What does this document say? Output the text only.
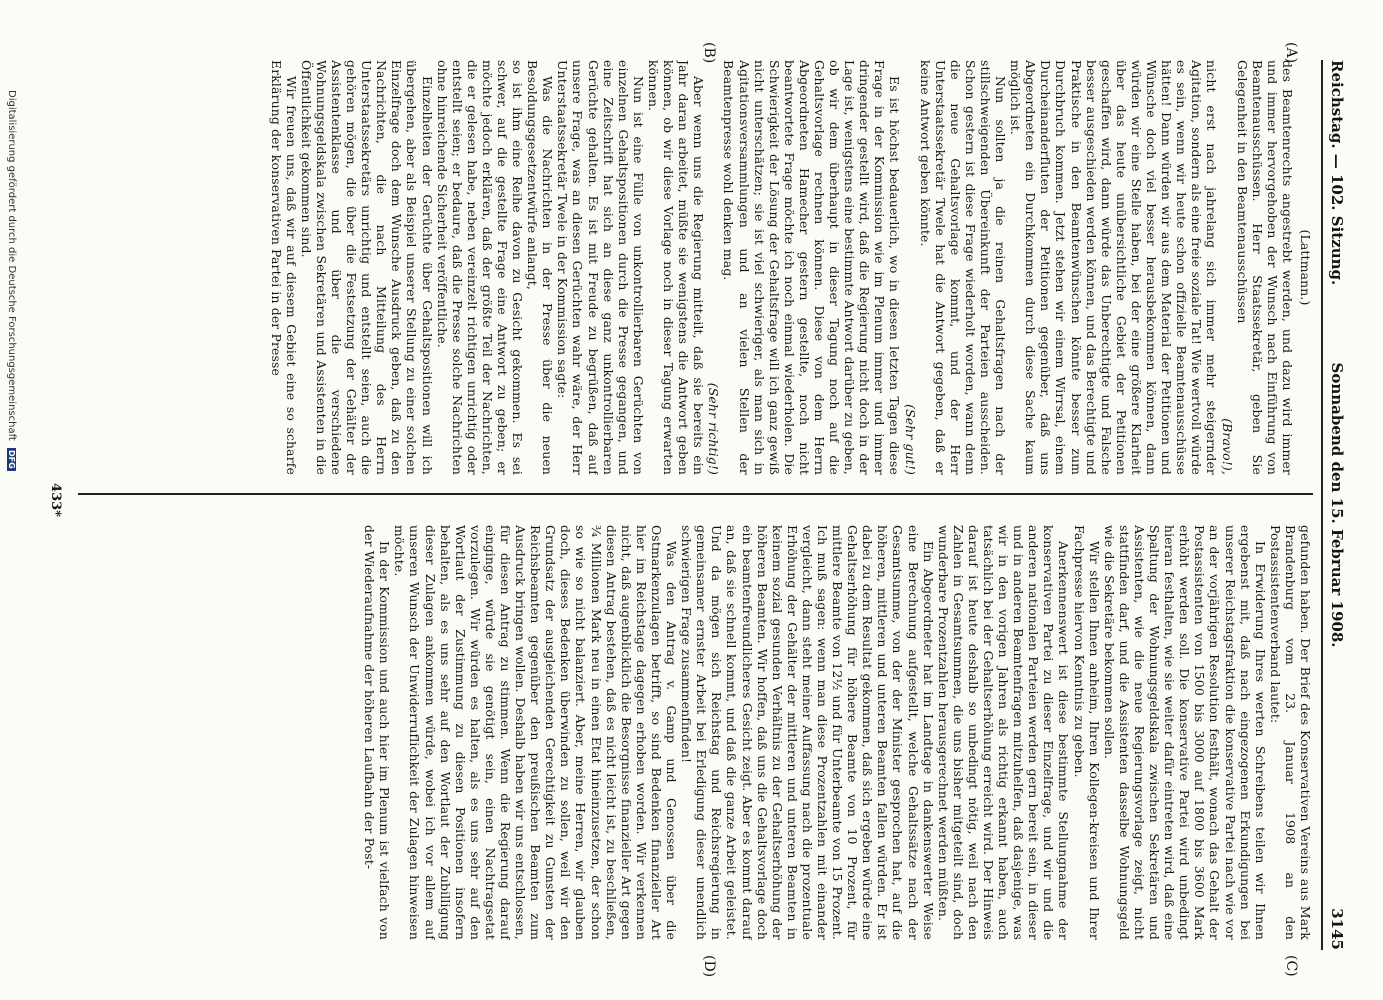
Reichstag. — 102. Sitzung.
Sonnabend den 15. Februar 1908.
3145
(A)
(B)
(C)
(D)

(Lattmann.)

des Beamtenrechts angestrebt werden, und dazu wird immer und immer hervorgehoben der Wunsch nach Einführung von Beamtenausschüssen. Herr Staatssekretär, geben Sie Gelegenheit in den Beamtenausschüssen

(Bravo!),

nicht erst nach jahrelang sich immer mehr steigernder Agitation, sondern als eine freie soziale Tat! Wie wertvoll würde es sein, wenn wir heute schon offizielle Beamtenausschüsse hätten! Dann würden wir aus dem Material der Petitionen und Wünsche doch viel besser herausbekommen können, dann würden wir eine Stelle haben, bei der eine größere Klarheit über das heute unübersichtliche Gebiet der Petitionen geschaffen wird, dann würde das Unberechtigte und Falsche besser ausgeschieden werden können, und das Berechtigte und Praktische in den Beamtenwünschen könnte besser zum Durchbruch kommen. Jetzt stehen wir einem Wirrsal, einem Durcheinanderfluten der Petitionen gegenüber, daß uns Abgeordneten ein Durchkommen durch diese Sache kaum möglich ist.

Nun sollten ja die reinen Gehaltsfragen nach der stillschweigenden Übereinkunft der Parteien ausscheiden. Schon gestern ist diese Frage wiederholt worden, wann denn die neue Gehaltsvorlage kommt, und der Herr Unterstaatssekretär Twele hat die Antwort gegeben, daß er keine Antwort geben könnte.

(Sehr gut!)

Es ist höchst bedauerlich, wo in diesen letzten Tagen diese Frage in der Kommission wie im Plenum immer und immer dringender gestellt wird, daß die Regierung nicht doch in der Lage ist, wenigstens eine bestimmte Antwort darüber zu geben, ob wir dem überhaupt in dieser Tagung noch auf die Gehaltsvorlage rechnen können. Diese von dem Herrn Abgeordneten Hamecher gestern gestellte, noch nicht beantwortete Frage möchte ich noch einmal wiederholen. Die Schwierigkeit der Lösung der Gehaltsfrage will ich ganz gewiß nicht unterschätzen; sie ist viel schwieriger, als man sich in Agitationsversammlungen und an vielen Stellen der Beamtenpresse wohl denken mag.

(Sehr richtig!)

Aber wenn uns die Regierung mitteilt, daß sie bereits ein Jahr daran arbeitet, müßte sie wenigstens die Antwort geben können, ob wir diese Vorlage noch in dieser Tagung erwarten können.

Nun ist eine Fülle von unkontrollierbaren Gerüchten von einzelnen Gehaltspositionen durch die Presse gegangen, und eine Zeitschrift hat sich an diese ganz unkontrollierbaren Gerüchte gehalten. Es ist mit Freude zu begrüßen, daß auf unsere Frage, was an diesen Gerüchten wahr wäre, der Herr Unterstaatssekretär Twele in der Kommission sagte:

Was die Nachrichten in der Presse über die neuen Besoldungsgesetzentwürfe anlangt,

so ist ihm eine Reihe davon zu Gesicht gekommen. Es sei schwer, auf die gestellte Frage eine Antwort zu geben; er möchte jedoch erklären, daß der größte Teil der Nachrichten, die er gelesen habe, neben vereinzelt richtigen unrichtig oder entstellt seien; er bedaure, daß die Presse solche Nachrichten ohne hinreichende Sicherheit veröffentliche.

Einzelheiten der Gerüchte über Gehaltspositionen will ich übergehen, aber als Beispiel unserer Stellung zu einer solchen Einzelfrage doch dem Wunsche Ausdruck geben, daß zu den Nachrichten, die nach Mitteilung des Herrn Unterstaatssekretärs unrichtig und entstellt seien, auch die gehören mögen, die über die Festsetzung der Gehälter der Assistentenklasse und über die verschiedene Wohnungsgeldskala zwischen Sekretären und Assistenten in die Öffentlichkeit gekommen sind.

Wir freuen uns, daß wir auf diesem Gebiet eine so scharfe Erklärung der konservativen Partei in der Presse

gefunden haben. Der Brief des Konservativen Vereins aus Mark Brandenburg vom 23. Januar 1908 an den Postassistentenverband lautet:

In Erwiderung Ihres werten Schreibens teilen wir Ihnen ergebenst mit, daß nach eingezogenen Erkundigungen bei unserer Reichstagsfraktion die konservative Partei nach wie vor an der vorjährigen Resolution festhält, wonach das Gehalt der Postassistenten von 1500 bis 3000 auf 1800 bis 3600 Mark erhöht werden soll. Die konservative Partei wird unbedingt hieran festhalten, wie sie weiter dafür eintreten wird, daß eine Spaltung der Wohnungsgeldskala zwischen Sekretären und Assistenten, wie die neue Regierungsvorlage zeigt, nicht stattfinden darf, und die Assistenten dasselbe Wohnungsgeld wie die Sekretäre bekommen sollen.

Wir stellen Ihnen anheim, Ihren Kollegen-kreisen und Ihrer Fachpresse hiervon Kenntnis zu geben.

Anerkennenswert ist diese bestimmte Stellungnahme der konservativen Partei zu dieser Einzelfrage, und wir und die anderen nationalen Parteien werden gern bereit sein, in dieser und in anderen Beamtenfragen mitzuhelfen, daß dasjenige, was wir in den vorigen Jahren als richtig erkannt haben, auch tatsächlich bei der Gehaltserhöhung erreicht wird. Der Hinweis darauf ist heute deshalb so unbedingt nötig, weil nach den Zahlen in Gesamtsummen, die uns bisher mitgeteilt sind, doch wunderbare Prozentzahlen herausgerechnet werden müßten.

Ein Abgeordneter hat im Landtage in dankenswerter Weise eine Berechnung aufgestellt, welche Gehaltssätze nach der Gesamtsumme, von der der Minister gesprochen hat, auf die höheren, mittleren und unteren Beamten fallen würden. Er ist dabei zu dem Resultat gekommen, daß sich ergeben würde eine Gehaltserhöhung für höhere Beamte von 10 Prozent, für mittlere Beamte von 12½ und für Unterbeamte von 15 Prozent. Ich muß sagen: wenn man diese Prozentzahlen mit einander vergleicht, dann steht meiner Auffassung nach die prozentuale Erhöhung der Gehälter der mittleren und unteren Beamten in keinem sozial gesunden Verhältnis zu der Gehaltserhöhung der höheren Beamten. Wir hoffen, daß uns die Gehaltsvorlage doch ein beamtenfreundlicheres Gesicht zeigt. Aber es kommt darauf an, daß sie schnell kommt, und daß die ganze Arbeit geleistet. Und da mögen sich Reichstag und Reichsregierung in gemeinsamer ernster Arbeit bei Erledigung dieser unendlich schwierigen Frage zusammenfinden!

Was den Antrag v. Gamp und Genossen über die Ostmarkenzulagen betrifft, so sind Bedenken finanzieller Art hier im Reichstage dagegen erhoben worden. Wir verkennen nicht, daß augenblicklich die Besorgnisse finanzieller Art gegen diesen Antrag bestehen, daß es nicht leicht ist, zu beschließen, ¾ Millionen Mark neu in einen Etat hineinzusetzen, der schon so wie so nicht balanziert. Aber, meine Herren, wir glauben doch, dieses Bedenken überwinden zu sollen, weil wir den Grundsatz der ausgleichenden Gerechtigkeit zu Gunsten der Reichsbeamten gegenüber den preußischen Beamten zum Ausdruck bringen wollen. Deshalb haben wir uns entschlossen, für diesen Antrag zu stimmen. Wenn die Regierung darauf einginge, würde sie genötigt sein, einen Nachtragsetat vorzulegen. Wir würden es halten, als es uns sehr auf den Wortlaut der Zustimmung zu diesen Positionen insofern behalten, als es uns sehr auf den Wortlaut der Zubilligung dieser Zulagen ankommen würde, wobei ich vor allem auf unseren Wunsch der Unwiderruflichkeit der Zulagen hinweisen möchte.

In der Kommission und auch hier im Plenum ist vielfach von der Wiederaufnahme der höheren Laufbahn der Post-

433*
Digitalisierung gefördert durch die Deutsche Forschungsgemeinschaft DFG
